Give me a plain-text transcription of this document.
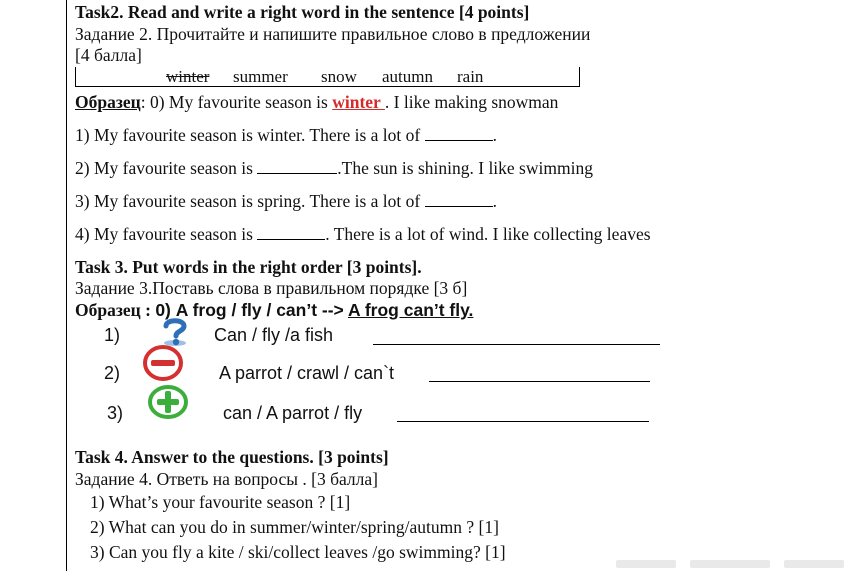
Task2. Read and write a right word in the sentence [4 points]
Задание 2. Прочитайте и напишите правильное слово в предложении
[4 балла]
winter summer snow autumn rain
Образец: 0) My favourite season is winter . I like making snowman
1) My favourite season is winter. There is a lot of	.
2) My favourite season is	.The sun is shining. I like swimming
3) My favourite season is spring. There is a lot of	.
4) My favourite season is	. There is a lot of wind. I like collecting leaves
Task 3. Put words in the right order [3 points].
Задание 3.Поставь слова в правильном порядке [3 б]
Образец : 0) A frog / fly / can’t --> A frog can’t fly.
1)	Can / fly /a fish
2)	A parrot / crawl / can`t
3)	can / A parrot / fly
Task 4. Answer to the questions. [3 points]
Задание 4. Ответь на вопросы . [3 балла]
1) What’s your favourite season ? [1]
2) What can you do in summer/winter/spring/autumn ? [1]
3) Can you fly a kite / ski/collect leaves /go swimming? [1]
